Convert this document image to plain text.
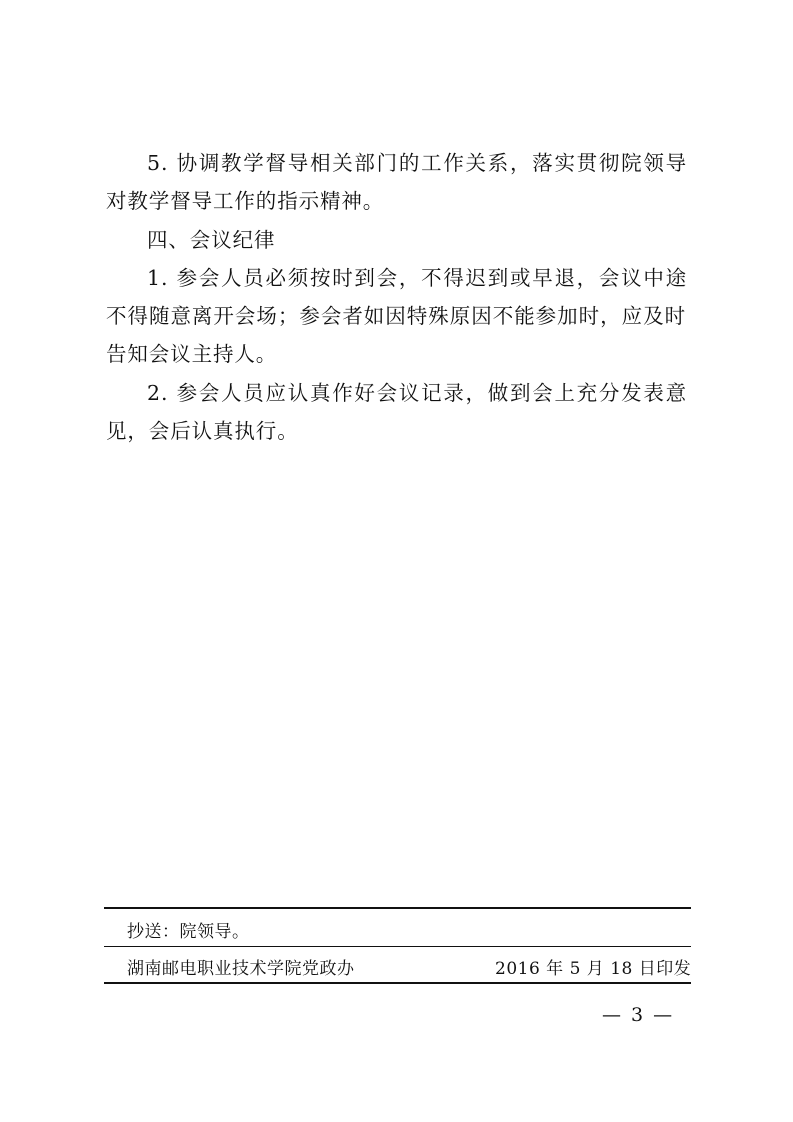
5. 协调教学督导相关部门的工作关系，落实贯彻院领导
对教学督导工作的指示精神。
四、会议纪律
1. 参会人员必须按时到会，不得迟到或早退，会议中途
不得随意离开会场；参会者如因特殊原因不能参加时，应及时
告知会议主持人。
2. 参会人员应认真作好会议记录，做到会上充分发表意
见，会后认真执行。
抄送：院领导。
湖南邮电职业技术学院党政办	2016 年 5 月 18 日印发
— 3 —
